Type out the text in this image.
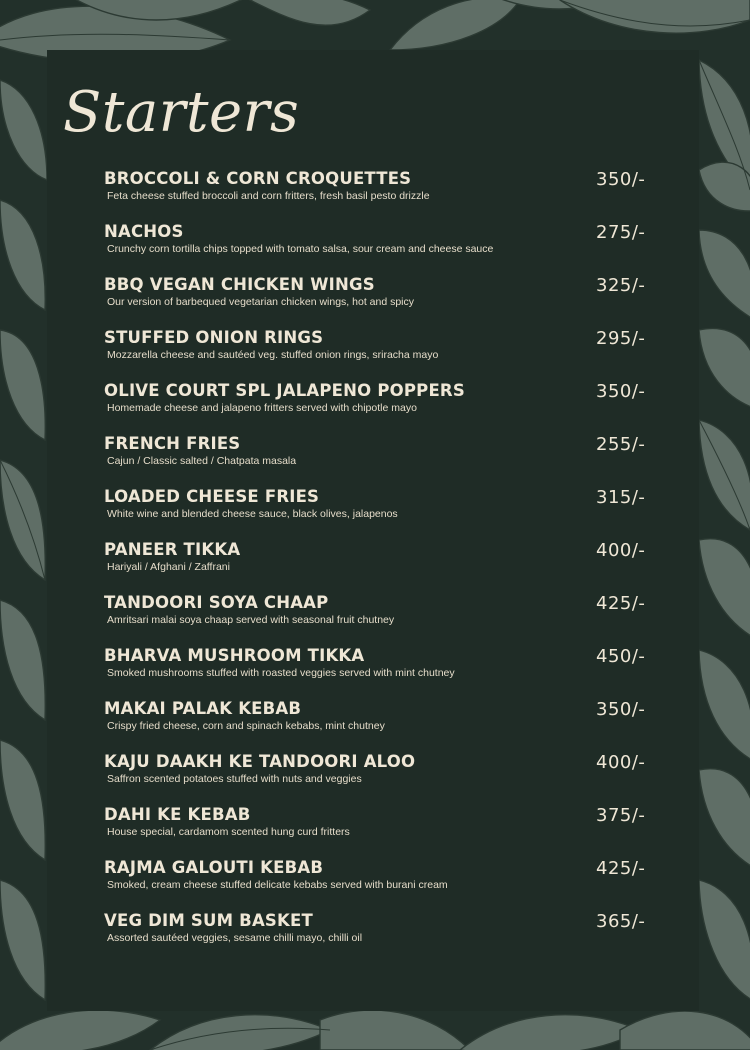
Starters
BROCCOLI & CORN CROQUETTES
Feta cheese stuffed broccoli and corn fritters, fresh basil pesto drizzle
350/-
NACHOS
Crunchy corn tortilla chips topped with tomato salsa, sour cream and cheese sauce
275/-
BBQ VEGAN CHICKEN WINGS
Our version of barbequed vegetarian chicken wings, hot and spicy
325/-
STUFFED ONION RINGS
Mozzarella cheese and sautéed veg. stuffed onion rings, sriracha mayo
295/-
OLIVE COURT SPL JALAPENO POPPERS
Homemade cheese and jalapeno fritters served with chipotle mayo
350/-
FRENCH FRIES
Cajun / Classic salted / Chatpata masala
255/-
LOADED CHEESE FRIES
White wine and blended cheese sauce, black olives, jalapenos
315/-
PANEER TIKKA
Hariyali / Afghani / Zaffrani
400/-
TANDOORI SOYA CHAAP
Amritsari malai soya chaap served with seasonal fruit chutney
425/-
BHARVA MUSHROOM TIKKA
Smoked mushrooms stuffed with roasted veggies served with mint chutney
450/-
MAKAI PALAK KEBAB
Crispy fried cheese, corn and spinach kebabs, mint chutney
350/-
KAJU DAAKH KE TANDOORI ALOO
Saffron scented potatoes stuffed with nuts and veggies
400/-
DAHI KE KEBAB
House special, cardamom scented hung curd fritters
375/-
RAJMA GALOUTI KEBAB
Smoked, cream cheese stuffed delicate kebabs served with burani cream
425/-
VEG DIM SUM BASKET
Assorted sautéed veggies, sesame chilli mayo, chilli oil
365/-
